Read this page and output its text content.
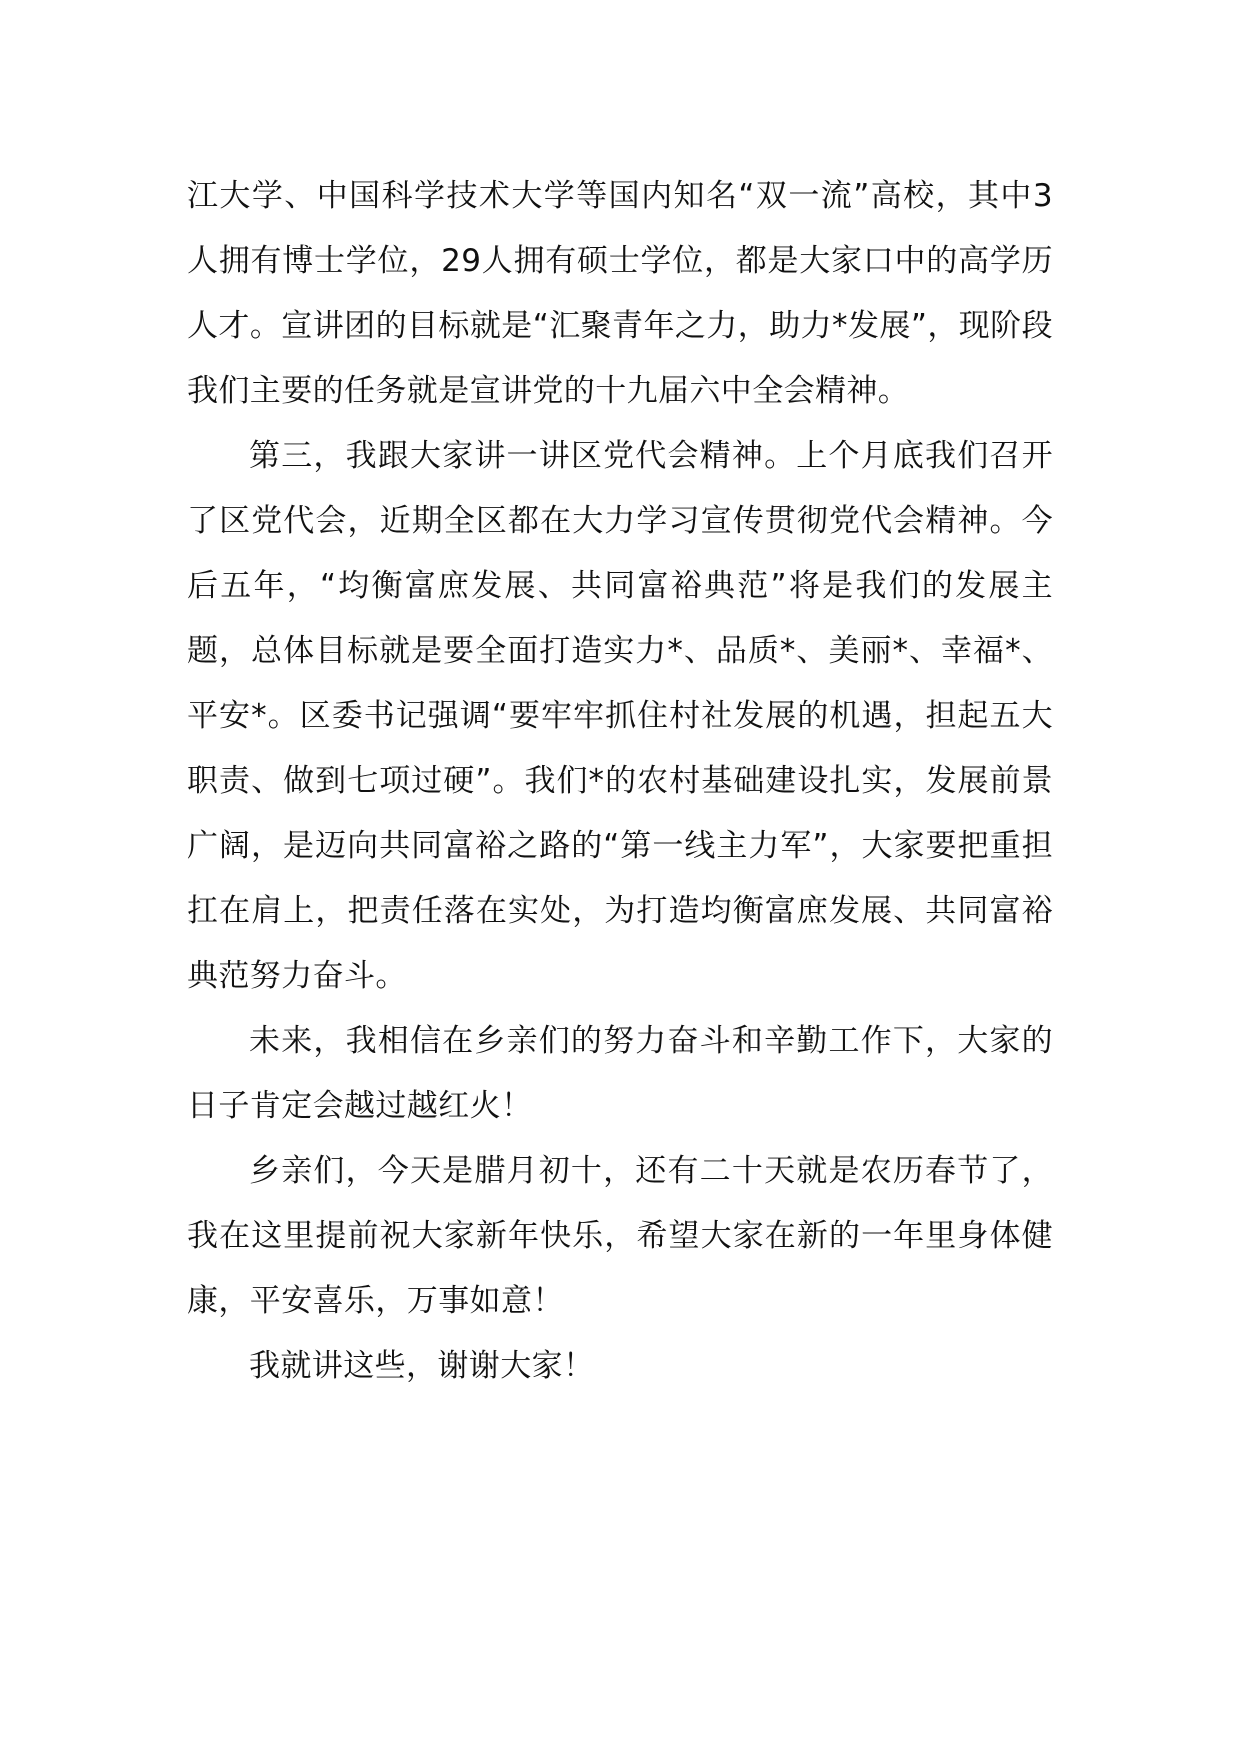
江大学、中国科学技术大学等国内知名“双一流”高校，其中3人拥有博士学位，29人拥有硕士学位，都是大家口中的高学历人才。宣讲团的目标就是“汇聚青年之力，助力*发展”，现阶段我们主要的任务就是宣讲党的十九届六中全会精神。

第三，我跟大家讲一讲区党代会精神。上个月底我们召开了区党代会，近期全区都在大力学习宣传贯彻党代会精神。今后五年，“均衡富庶发展、共同富裕典范”将是我们的发展主题，总体目标就是要全面打造实力*、品质*、美丽*、幸福*、平安*。区委书记强调“要牢牢抓住村社发展的机遇，担起五大职责、做到七项过硬”。我们*的农村基础建设扎实，发展前景广阔，是迈向共同富裕之路的“第一线主力军”，大家要把重担扛在肩上，把责任落在实处，为打造均衡富庶发展、共同富裕典范努力奋斗。

未来，我相信在乡亲们的努力奋斗和辛勤工作下，大家的日子肯定会越过越红火！

乡亲们，今天是腊月初十，还有二十天就是农历春节了，我在这里提前祝大家新年快乐，希望大家在新的一年里身体健康，平安喜乐，万事如意！

我就讲这些，谢谢大家！
